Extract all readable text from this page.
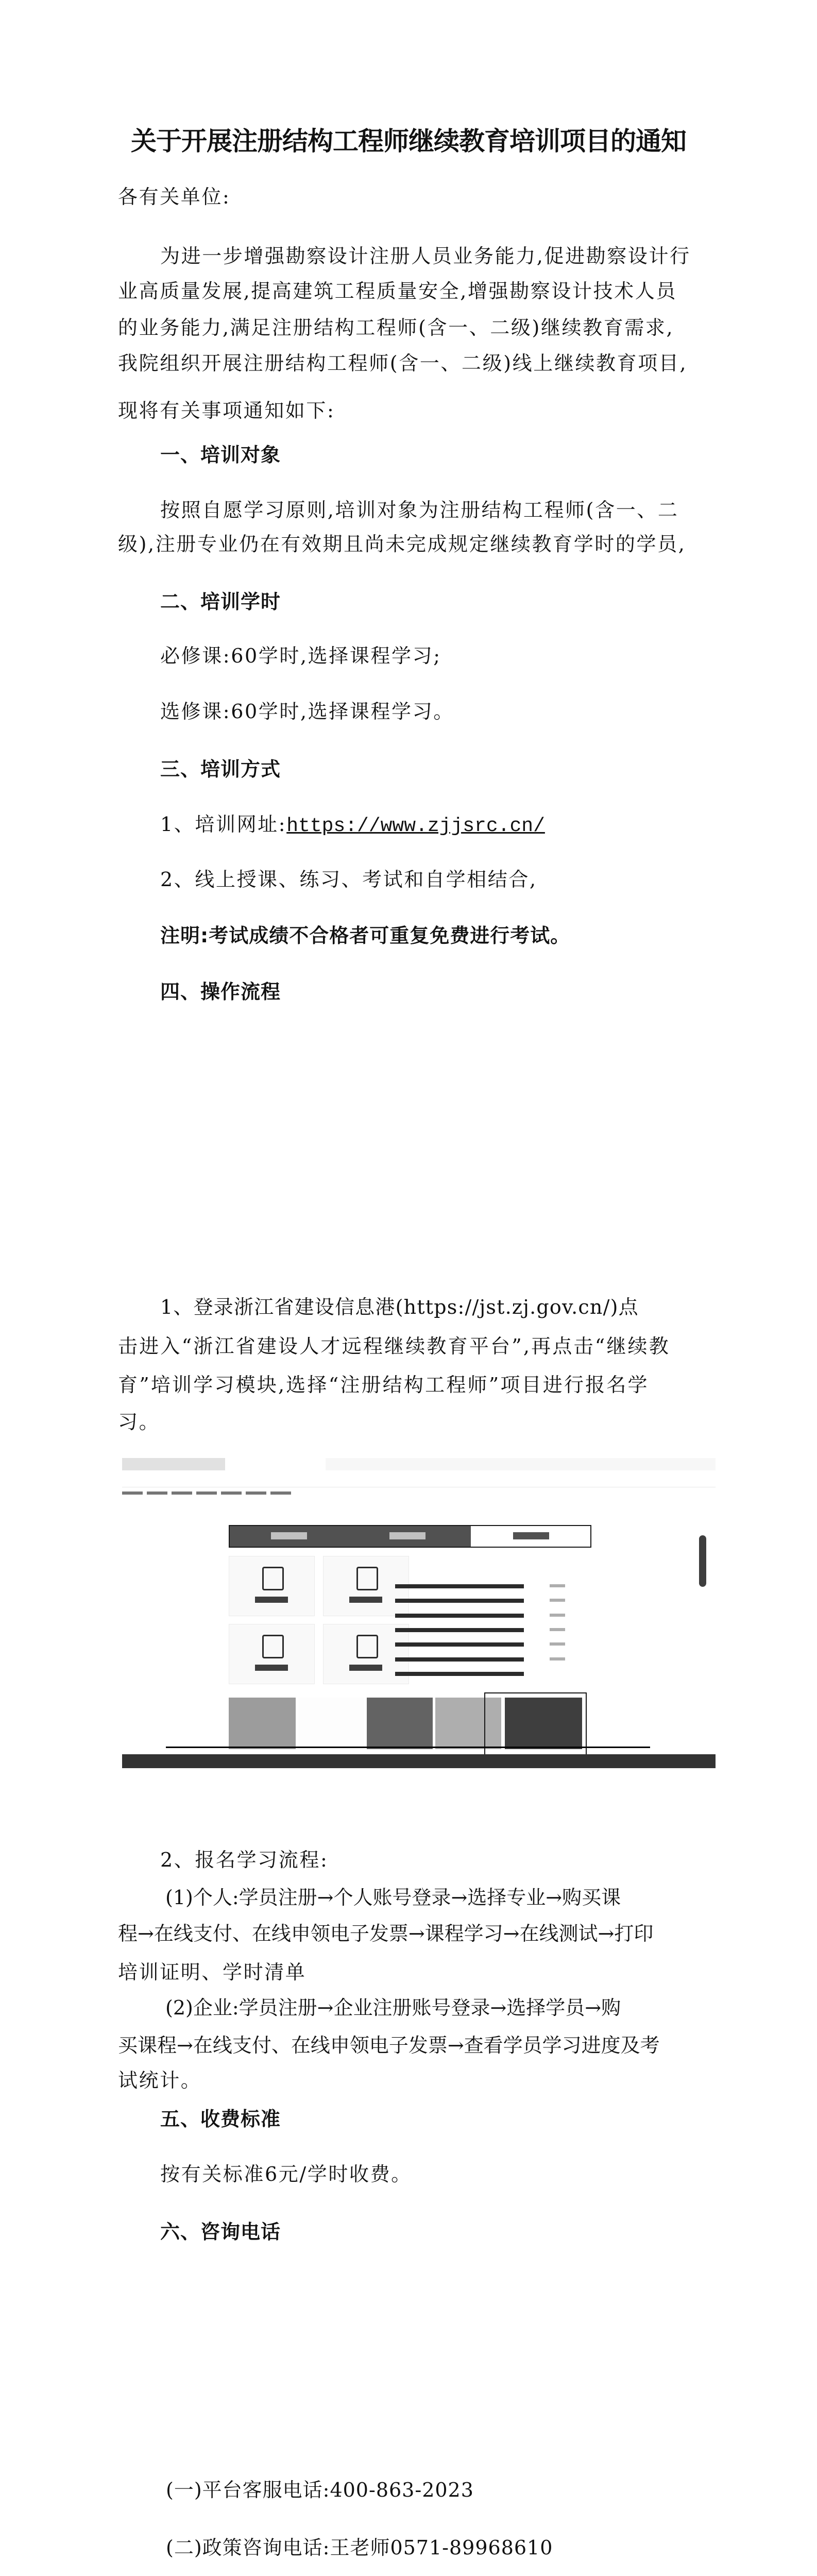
关于开展注册结构工程师继续教育培训项目的通知
各有关单位:
为进一步增强勘察设计注册人员业务能力,促进勘察设计行
业高质量发展,提高建筑工程质量安全,增强勘察设计技术人员
的业务能力,满足注册结构工程师(含一、二级)继续教育需求,
我院组织开展注册结构工程师(含一、二级)线上继续教育项目,
现将有关事项通知如下:
一、培训对象
按照自愿学习原则,培训对象为注册结构工程师(含一、二
级),注册专业仍在有效期且尚未完成规定继续教育学时的学员,
二、培训学时
必修课:60学时,选择课程学习;
选修课:60学时,选择课程学习。
三、培训方式
1、培训网址:https://www.zjjsrc.cn/
2、线上授课、练习、考试和自学相结合,
注明:考试成绩不合格者可重复免费进行考试。
四、操作流程
1、登录浙江省建设信息港(https://jst.zj.gov.cn/)点
击进入“浙江省建设人才远程继续教育平台”,再点击“继续教
育”培训学习模块,选择“注册结构工程师”项目进行报名学
习。
2、报名学习流程:
(1)个人:学员注册→个人账号登录→选择专业→购买课
程→在线支付、在线申领电子发票→课程学习→在线测试→打印
培训证明、学时清单
(2)企业:学员注册→企业注册账号登录→选择学员→购
买课程→在线支付、在线申领电子发票→查看学员学习进度及考
试统计。
五、收费标准
按有关标准6元/学时收费。
六、咨询电话
(一)平台客服电话:400-863-2023
(二)政策咨询电话:王老师0571-89968610
